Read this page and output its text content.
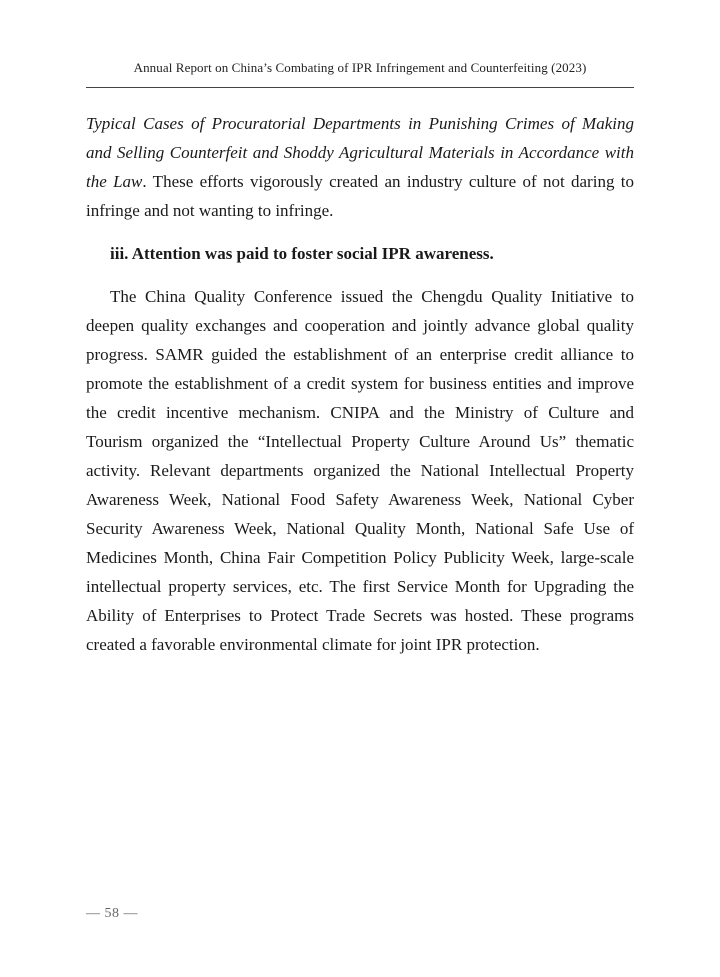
Annual Report on China’s Combating of IPR Infringement and Counterfeiting (2023)
Typical Cases of Procuratorial Departments in Punishing Crimes of Making and Selling Counterfeit and Shoddy Agricultural Materials in Accordance with the Law. These efforts vigorously created an industry culture of not daring to infringe and not wanting to infringe.
iii. Attention was paid to foster social IPR awareness.
The China Quality Conference issued the Chengdu Quality Initiative to deepen quality exchanges and cooperation and jointly advance global quality progress. SAMR guided the establishment of an enterprise credit alliance to promote the establishment of a credit system for business entities and improve the credit incentive mechanism. CNIPA and the Ministry of Culture and Tourism organized the “Intellectual Property Culture Around Us” thematic activity. Relevant departments organized the National Intellectual Property Awareness Week, National Food Safety Awareness Week, National Cyber Security Awareness Week, National Quality Month, National Safe Use of Medicines Month, China Fair Competition Policy Publicity Week, large-scale intellectual property services, etc. The first Service Month for Upgrading the Ability of Enterprises to Protect Trade Secrets was hosted. These programs created a favorable environmental climate for joint IPR protection.
— 58 —
